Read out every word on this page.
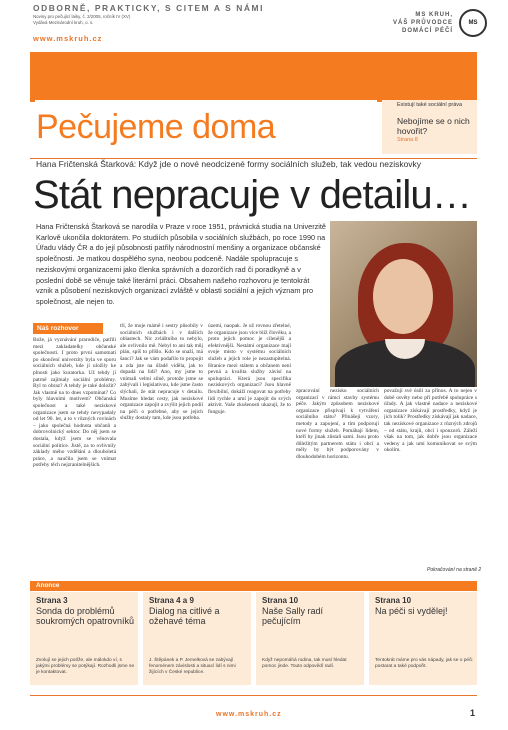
ODBORNĚ, PRAKTICKY, S CITEM A S NÁMI
Noviny pro pečující laiky, č. 2/2005, ročník IV (XV)
Vydává Mezinárodní kruh, o. s.
www.mskruh.cz
MS KRUH,
VÁŠ PRŮVODCE
DOMÁCÍ PÉČÍ
MS
Pečujeme doma
Existují také sociální práva
Nebojíme se o nich hovořit?
Strana 8
Hana Fričtenská Štarková: Když jde o nové neodcizené formy sociálních služeb, tak vedou neziskovky
Stát nepracuje v detailu…
Hana Fričtenská Štarková se narodila v Praze v roce 1951, právnická studia na Univerzitě Karlově ukončila doktorátem. Po studiích působila v sociálních službách, po roce 1990 na Úřadu vlády ČR a do její působnosti patřily národnostní menšiny a organizace občanské společnosti. Je matkou dospělého syna, neobou podceně. Nadále spolupracuje s neziskovými organizacemi jako členka správních a dozorčích rad či poradkyně a v poslední době se věnuje také literární práci. Obsahem našeho rozhovoru je tentokrát vznik a působení neziskových organizací zvláště v oblasti sociální a jejich význam pro společnost, ale nejen to.
Náš rozhovor
Bože, já vyznávání prarodiče, patřili mezi zakladatelky občanské společnosti. I proto první samotnatí po skončení univerzity byla ve sporu sociálních služeb, kde jí uložily ke plnosti jako kuratorka. Už tehdy jí patrně zajímaly sociální problémy. Byl to obraz? A tehdy je také doložit? Jak vlastně na to dnes vzpomínat? Co byly hlavními motivem? Občanská společnost a také neziskové organizace jsem se tehdy nevypadaly od let 90. let, a to v různých rovinách – jako společná hodnota občanů a dobrovolnický sektor. Do něj jsem se dostala, když jsem se věnovala sociální politice. Jistě, za to ovlivnily základy mého vzdělání a dlouholetá práce, a naučila jsem se vnímat potřeby těch nejzranitelnějších.
tří, že moje mámě i sestry působily v sociálních službách i v dalších oblastech. Nic zvláštního to nebylo, ale ovlivnilo mě. Nebyl to ani tak můj plán, spíš to přišlo. Kdo se snaží, má šanci? Jak se vám podařilo to propojit a zda jste na úřadě viděla, jak to dopadá na lidi? Ano, my jsme to vnímali velmi silně, protože jsme se zabývali i legislativou, kde jsme často slýchali, že stát nepracuje v detailu. Musíme hledat cesty, jak neziskové organizace zapojit a zvýšit jejich podíl na péči o potřebné, aby se jejich služby dostaly tam, kde jsou potřeba.
území, naopak. Je už rovnou zřetelné, že organizace jsou více blíž člověku, a proto jejich pomoc je cílenější a efektivnější. Nestátní organizace mají svoje místo v systému sociálních služeb a jejich role je nezastupitelná. Hranice mezi státem a občanem není pevná a kvalita služby závisí na spolupráci. Která jsou specifika neziskových organizací? Jsou hlavně flexibilní, dokáží reagovat na potřeby lidí rychle a umí je zapojit do svých aktivit. Vaše zkušenosti ukazují, že to funguje.
zpracování nezisku sociálních organizací v rámci stavby systému péče. Jakým způsobem neziskové organizace přispívají k vytváření sociálního státu? Přinášejí vzory, metody a zapojení, a tím podporují nové formy služeb. Pomáhají lidem, kteří by jinak zůstali sami. Jsou proto důležitým partnerem státu i obcí a měly by být podporovány v dlouhodobém horizontu.
považují své úsilí za přínos. A to nejen v době osvěty nebo při potřebě spolupráce s úřady. A jak vlastně nadace a neziskové organizace získávají prostředky, když je jich tolik? Prostředky získávají jak nadace, tak neziskové organizace z různých zdrojů – od státu, krajů, obcí i sponzorů. Záleží však na tom, jak dobře jsou organizace vedeny a jak umí komunikovat se svým okolím.
Pokračování na straně 2
Anonce
Strana 3
Sonda do problémů soukromých opatrovníků
Zvolují se jejich potíže, ale málokdo ví, s jakými problémy se potýkají. Rozhodli jsme se je kontaktovat.
Strana 4 a 9
Dialog na citlivé a ožehavé téma
J. Štěpánek a P. Jemelková se zabývají fenoménem závislosti a situací lidí s nimi žijících v České republice.
Strana 10
Naše Sally radí pečujícím
Když nepomáhá rodina, tak musí hledat pomoc jinde. Touto odpovědí radí.
Strana 10
Na péči si vydělej!
Tentokrát máme pro vás nápady, jak se o péči postarat a také podpořit.
www.mskruh.cz	1
